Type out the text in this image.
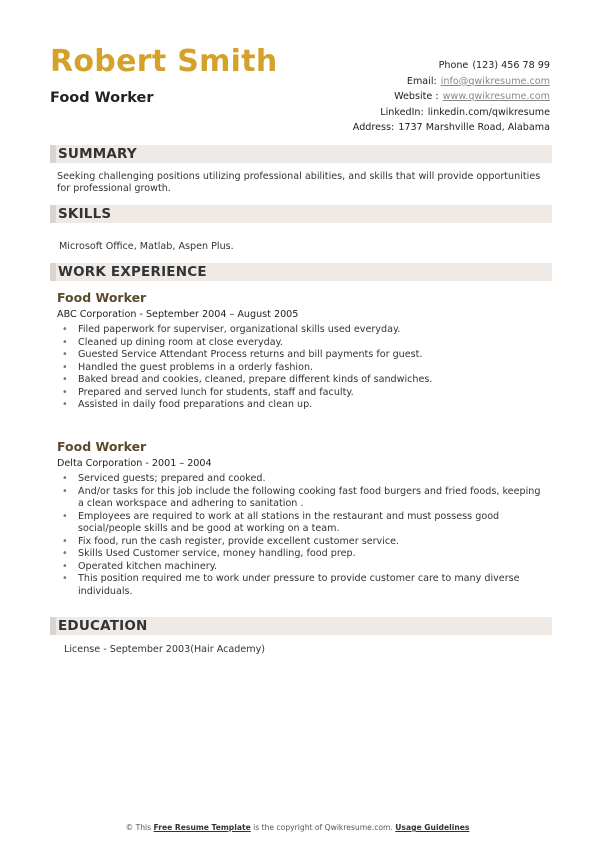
Robert Smith
Food Worker
Phone (123) 456 78 99
Email: info@qwikresume.com
Website : www.qwikresume.com
LinkedIn: linkedin.com/qwikresume
Address: 1737 Marshville Road, Alabama
SUMMARY
Seeking challenging positions utilizing professional abilities, and skills that will provide opportunities for professional growth.
SKILLS
Microsoft Office, Matlab, Aspen Plus.
WORK EXPERIENCE
Food Worker
ABC Corporation - September 2004 – August 2005
• Filed paperwork for superviser, organizational skills used everyday.
• Cleaned up dining room at close everyday.
• Guested Service Attendant Process returns and bill payments for guest.
• Handled the guest problems in a orderly fashion.
• Baked bread and cookies, cleaned, prepare different kinds of sandwiches.
• Prepared and served lunch for students, staff and faculty.
• Assisted in daily food preparations and clean up.
Food Worker
Delta Corporation - 2001 – 2004
• Serviced guests; prepared and cooked.
• And/or tasks for this job include the following cooking fast food burgers and fried foods, keeping a clean workspace and adhering to sanitation .
• Employees are required to work at all stations in the restaurant and must possess good social/people skills and be good at working on a team.
• Fix food, run the cash register, provide excellent customer service.
• Skills Used Customer service, money handling, food prep.
• Operated kitchen machinery.
• This position required me to work under pressure to provide customer care to many diverse individuals.
EDUCATION
License - September 2003(Hair Academy)
© This Free Resume Template is the copyright of Qwikresume.com. Usage Guidelines
